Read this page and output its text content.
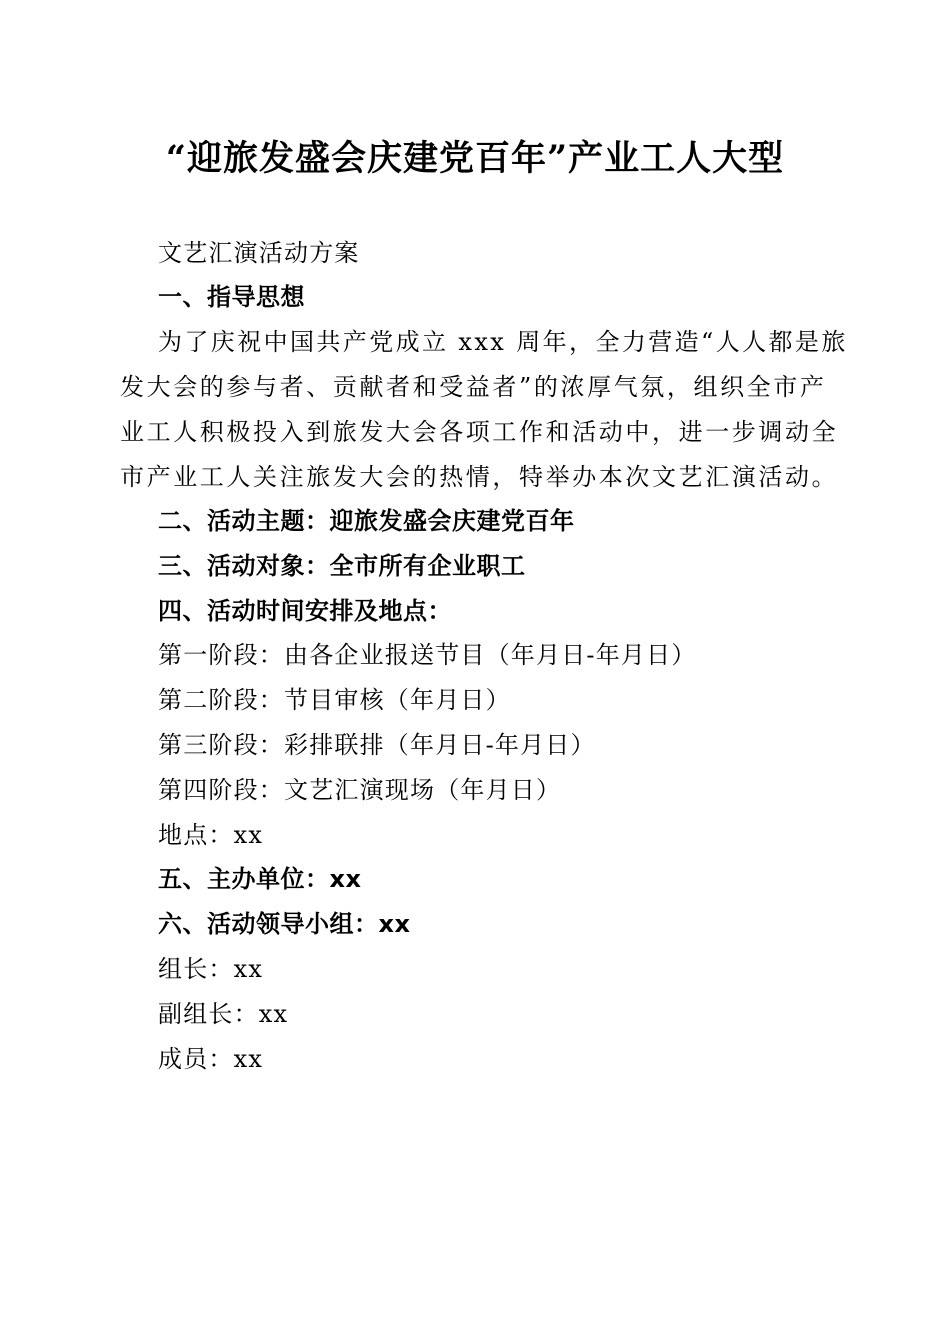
“迎旅发盛会庆建党百年”产业工人大型
文艺汇演活动方案
一、指导思想
为了庆祝中国共产党成立 xxx 周年，全力营造“人人都是旅
发大会的参与者、贡献者和受益者”的浓厚气氛，组织全市产
业工人积极投入到旅发大会各项工作和活动中，进一步调动全
市产业工人关注旅发大会的热情，特举办本次文艺汇演活动。
二、活动主题：迎旅发盛会庆建党百年
三、活动对象：全市所有企业职工
四、活动时间安排及地点：
第一阶段：由各企业报送节目（年月日-年月日）
第二阶段：节目审核（年月日）
第三阶段：彩排联排（年月日-年月日）
第四阶段：文艺汇演现场（年月日）
地点：xx
五、主办单位：xx
六、活动领导小组：xx
组长：xx
副组长：xx
成员：xx
